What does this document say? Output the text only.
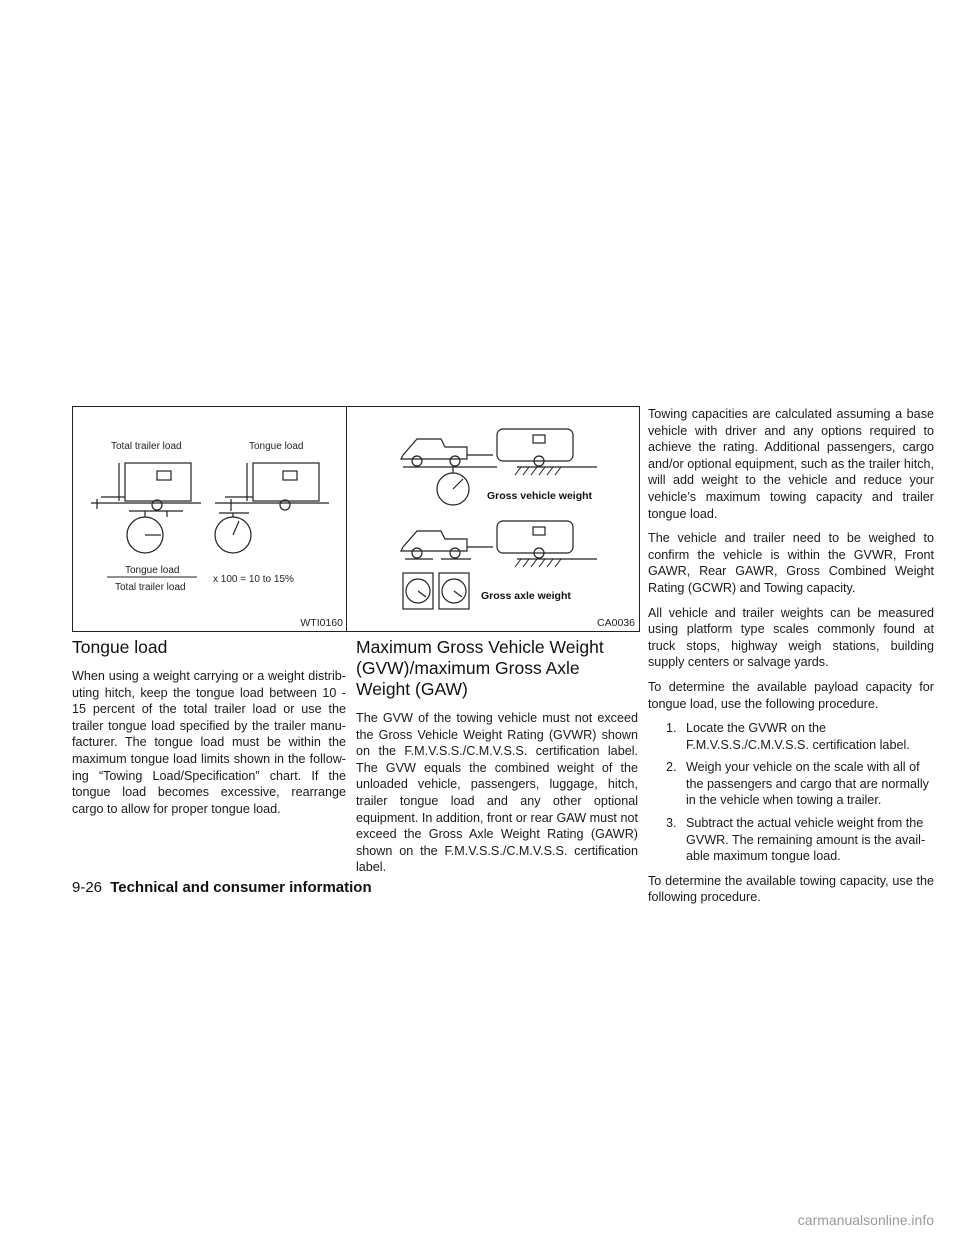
Total trailer load	Tongue load
Tongue load
Total trailer load
x 100 = 10 to 15%
WTI0160
Gross vehicle weight
Gross axle weight
CA0036
Tongue load

When using a weight carrying or a weight distrib-uting hitch, keep the tongue load between 10 - 15 percent of the total trailer load or use the trailer tongue load specified by the trailer manu-facturer. The tongue load must be within the maximum tongue load limits shown in the follow-ing “Towing Load/Specification” chart. If the tongue load becomes excessive, rearrange cargo to allow for proper tongue load.

Maximum Gross Vehicle Weight (GVW)/maximum Gross Axle Weight (GAW)

The GVW of the towing vehicle must not exceed the Gross Vehicle Weight Rating (GVWR) shown on the F.M.V.S.S./C.M.V.S.S. certification label. The GVW equals the combined weight of the unloaded vehicle, passengers, luggage, hitch, trailer tongue load and any other optional equipment. In addition, front or rear GAW must not exceed the Gross Axle Weight Rating (GAWR) shown on the F.M.V.S.S./C.M.V.S.S. certification label.

Towing capacities are calculated assuming a base vehicle with driver and any options required to achieve the rating. Additional passengers, cargo and/or optional equipment, such as the trailer hitch, will add weight to the vehicle and reduce your vehicle’s maximum towing capacity and trailer tongue load.

The vehicle and trailer need to be weighed to confirm the vehicle is within the GVWR, Front GAWR, Rear GAWR, Gross Combined Weight Rating (GCWR) and Towing capacity.

All vehicle and trailer weights can be measured using platform type scales commonly found at truck stops, highway weigh stations, building supply centers or salvage yards.

To determine the available payload capacity for tongue load, use the following procedure.

1. Locate the GVWR on the F.M.V.S.S./C.M.V.S.S. certification label.
2. Weigh your vehicle on the scale with all of the passengers and cargo that are normally in the vehicle when towing a trailer.
3. Subtract the actual vehicle weight from the GVWR. The remaining amount is the avail-able maximum tongue load.

To determine the available towing capacity, use the following procedure.

9-26 Technical and consumer information
carmanualsonline.info
